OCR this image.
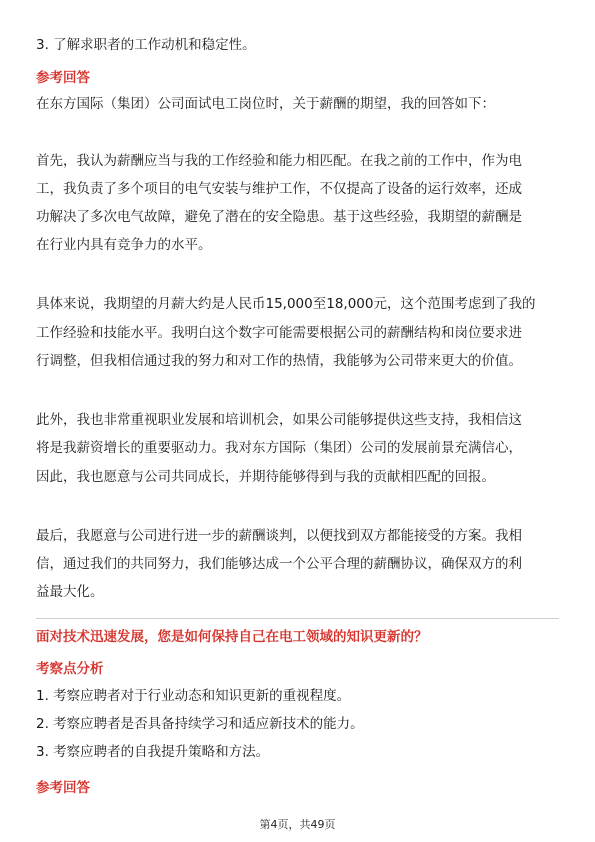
3. 了解求职者的工作动机和稳定性。
参考回答
在东方国际（集团）公司面试电工岗位时，关于薪酬的期望，我的回答如下：
首先，我认为薪酬应当与我的工作经验和能力相匹配。在我之前的工作中，作为电
工，我负责了多个项目的电气安装与维护工作，不仅提高了设备的运行效率，还成
功解决了多次电气故障，避免了潜在的安全隐患。基于这些经验，我期望的薪酬是
在行业内具有竞争力的水平。
具体来说，我期望的月薪大约是人民币15,000至18,000元，这个范围考虑到了我的
工作经验和技能水平。我明白这个数字可能需要根据公司的薪酬结构和岗位要求进
行调整，但我相信通过我的努力和对工作的热情，我能够为公司带来更大的价值。
此外，我也非常重视职业发展和培训机会，如果公司能够提供这些支持，我相信这
将是我薪资增长的重要驱动力。我对东方国际（集团）公司的发展前景充满信心，
因此，我也愿意与公司共同成长，并期待能够得到与我的贡献相匹配的回报。
最后，我愿意与公司进行进一步的薪酬谈判，以便找到双方都能接受的方案。我相
信，通过我们的共同努力，我们能够达成一个公平合理的薪酬协议，确保双方的利
益最大化。
面对技术迅速发展，您是如何保持自己在电工领域的知识更新的？
考察点分析
1. 考察应聘者对于行业动态和知识更新的重视程度。
2. 考察应聘者是否具备持续学习和适应新技术的能力。
3. 考察应聘者的自我提升策略和方法。
参考回答
第4页，共49页
